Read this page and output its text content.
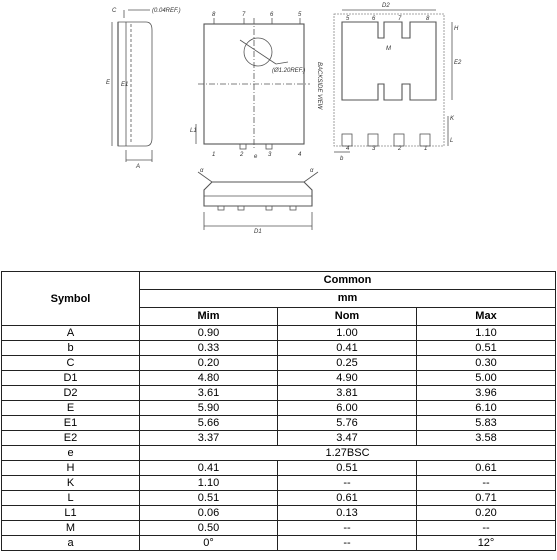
C	(0.04REF.)
E E1
A
8	7	6	5
1	2	3	4
e
L1
(Ø1.20REF.) BACKSIDE VIEW
D2
M
E2
H
K
L
b
5	6	7	8
4	3	2	1
α	α
D1
Symbol	Common		
	mm		
	Mim	Nom	Max
A	0.90	1.00	1.10
b	0.33	0.41	0.51
C	0.20	0.25	0.30
D1	4.80	4.90	5.00
D2	3.61	3.81	3.96
E	5.90	6.00	6.10
E1	5.66	5.76	5.83
E2	3.37	3.47	3.58
e	1.27BSC		
H	0.41	0.51	0.61
K	1.10	--	--
L	0.51	0.61	0.71
L1	0.06	0.13	0.20
M	0.50	--	--
a	0°	--	12°
